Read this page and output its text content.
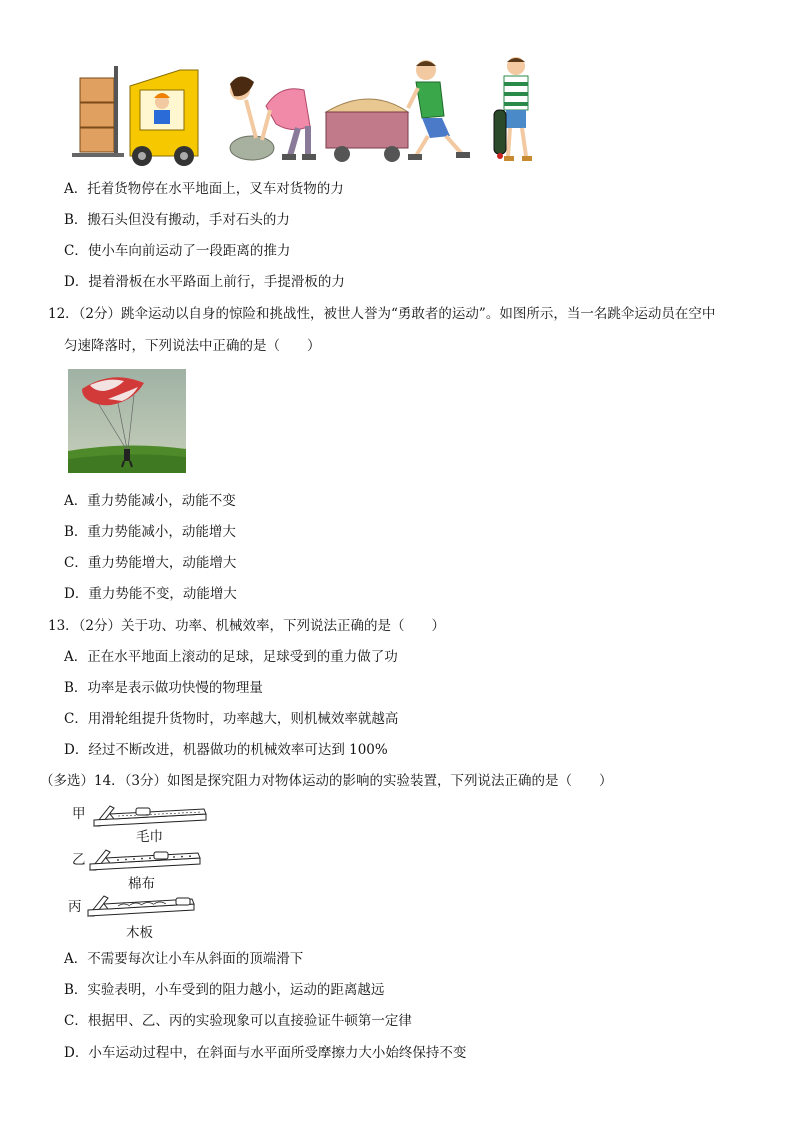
A．托着货物停在水平地面上，叉车对货物的力
B．搬石头但没有搬动，手对石头的力
C．使小车向前运动了一段距离的推力
D．提着滑板在水平路面上前行，手提滑板的力
12．（2分）跳伞运动以自身的惊险和挑战性，被世人誉为“勇敢者的运动”。如图所示，当一名跳伞运动员在空中
匀速降落时，下列说法中正确的是（　　）
A．重力势能减小，动能不变
B．重力势能减小，动能增大
C．重力势能增大，动能增大
D．重力势能不变，动能增大
13．（2分）关于功、功率、机械效率，下列说法正确的是（　　）
A．正在水平地面上滚动的足球，足球受到的重力做了功
B．功率是表示做功快慢的物理量
C．用滑轮组提升货物时，功率越大，则机械效率就越高
D．经过不断改进，机器做功的机械效率可达到 100%
（多选）14．（3分）如图是探究阻力对物体运动的影响的实验装置，下列说法正确的是（　　）
甲
毛巾
乙
棉布
丙
木板
A．不需要每次让小车从斜面的顶端滑下
B．实验表明，小车受到的阻力越小，运动的距离越远
C．根据甲、乙、丙的实验现象可以直接验证牛顿第一定律
D．小车运动过程中，在斜面与水平面所受摩擦力大小始终保持不变
